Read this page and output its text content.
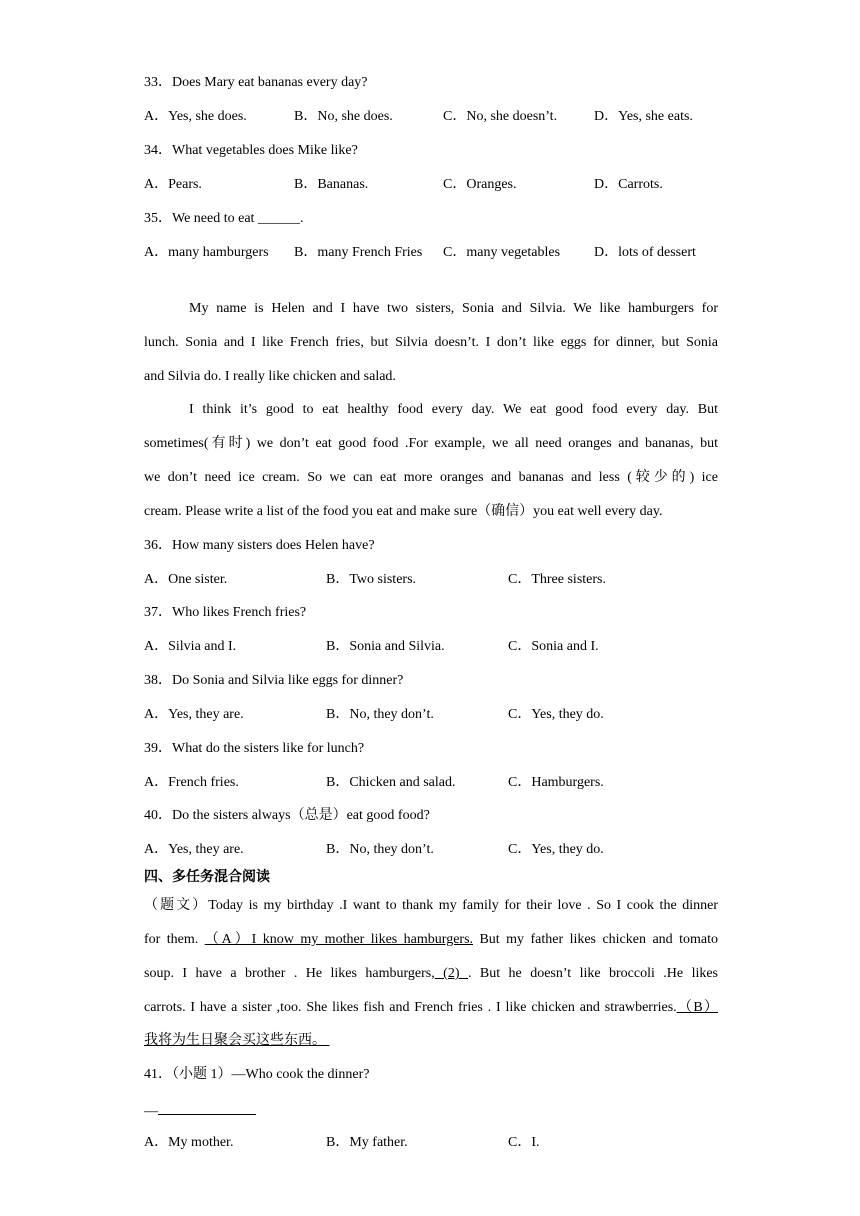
33．Does Mary eat bananas every day?
A．Yes, she does.	B．No, she does.	C．No, she doesn’t.	D．Yes, she eats.
34．What vegetables does Mike like?
A．Pears.	B．Bananas.	C．Oranges.	D．Carrots.
35．We need to eat ______.
A．many hamburgers B．many French Fries C．many vegetables D．lots of dessert
My name is Helen and I have two sisters, Sonia and Silvia. We like hamburgers for
lunch. Sonia and I like French fries, but Silvia doesn’t. I don’t like eggs for dinner, but Sonia
and Silvia do. I really like chicken and salad.
I think it’s good to eat healthy food every day. We eat good food every day. But
sometimes(有时) we don’t eat good food .For example, we all need oranges and bananas, but
we don’t need ice cream. So we can eat more oranges and bananas and less (较少的) ice
cream. Please write a list of the food you eat and make sure（确信）you eat well every day.
36．How many sisters does Helen have?
A．One sister.	B．Two sisters.	C．Three sisters.
37．Who likes French fries?
A．Silvia and I.	B．Sonia and Silvia.	C．Sonia and I.
38．Do Sonia and Silvia like eggs for dinner?
A．Yes, they are.	B．No, they don’t.	C．Yes, they do.
39．What do the sisters like for lunch?
A．French fries.	B．Chicken and salad.	C．Hamburgers.
40．Do the sisters always（总是）eat good food?
A．Yes, they are.	B．No, they don’t.	C．Yes, they do.
四、多任务混合阅读
（题文）Today is my birthday .I want to thank my family for their love . So I cook the dinner
for them. （A）I know my mother likes hamburgers. But my father likes chicken and tomato
soup. I have a brother . He likes hamburgers, (2) . But he doesn’t like broccoli .He likes
carrots. I have a sister ,too. She likes fish and French fries . I like chicken and strawberries.（B）
我将为生日聚会买这些东西。
41．（小题 1）—Who cook the dinner?
—
A．My mother.	B．My father.	C．I.
